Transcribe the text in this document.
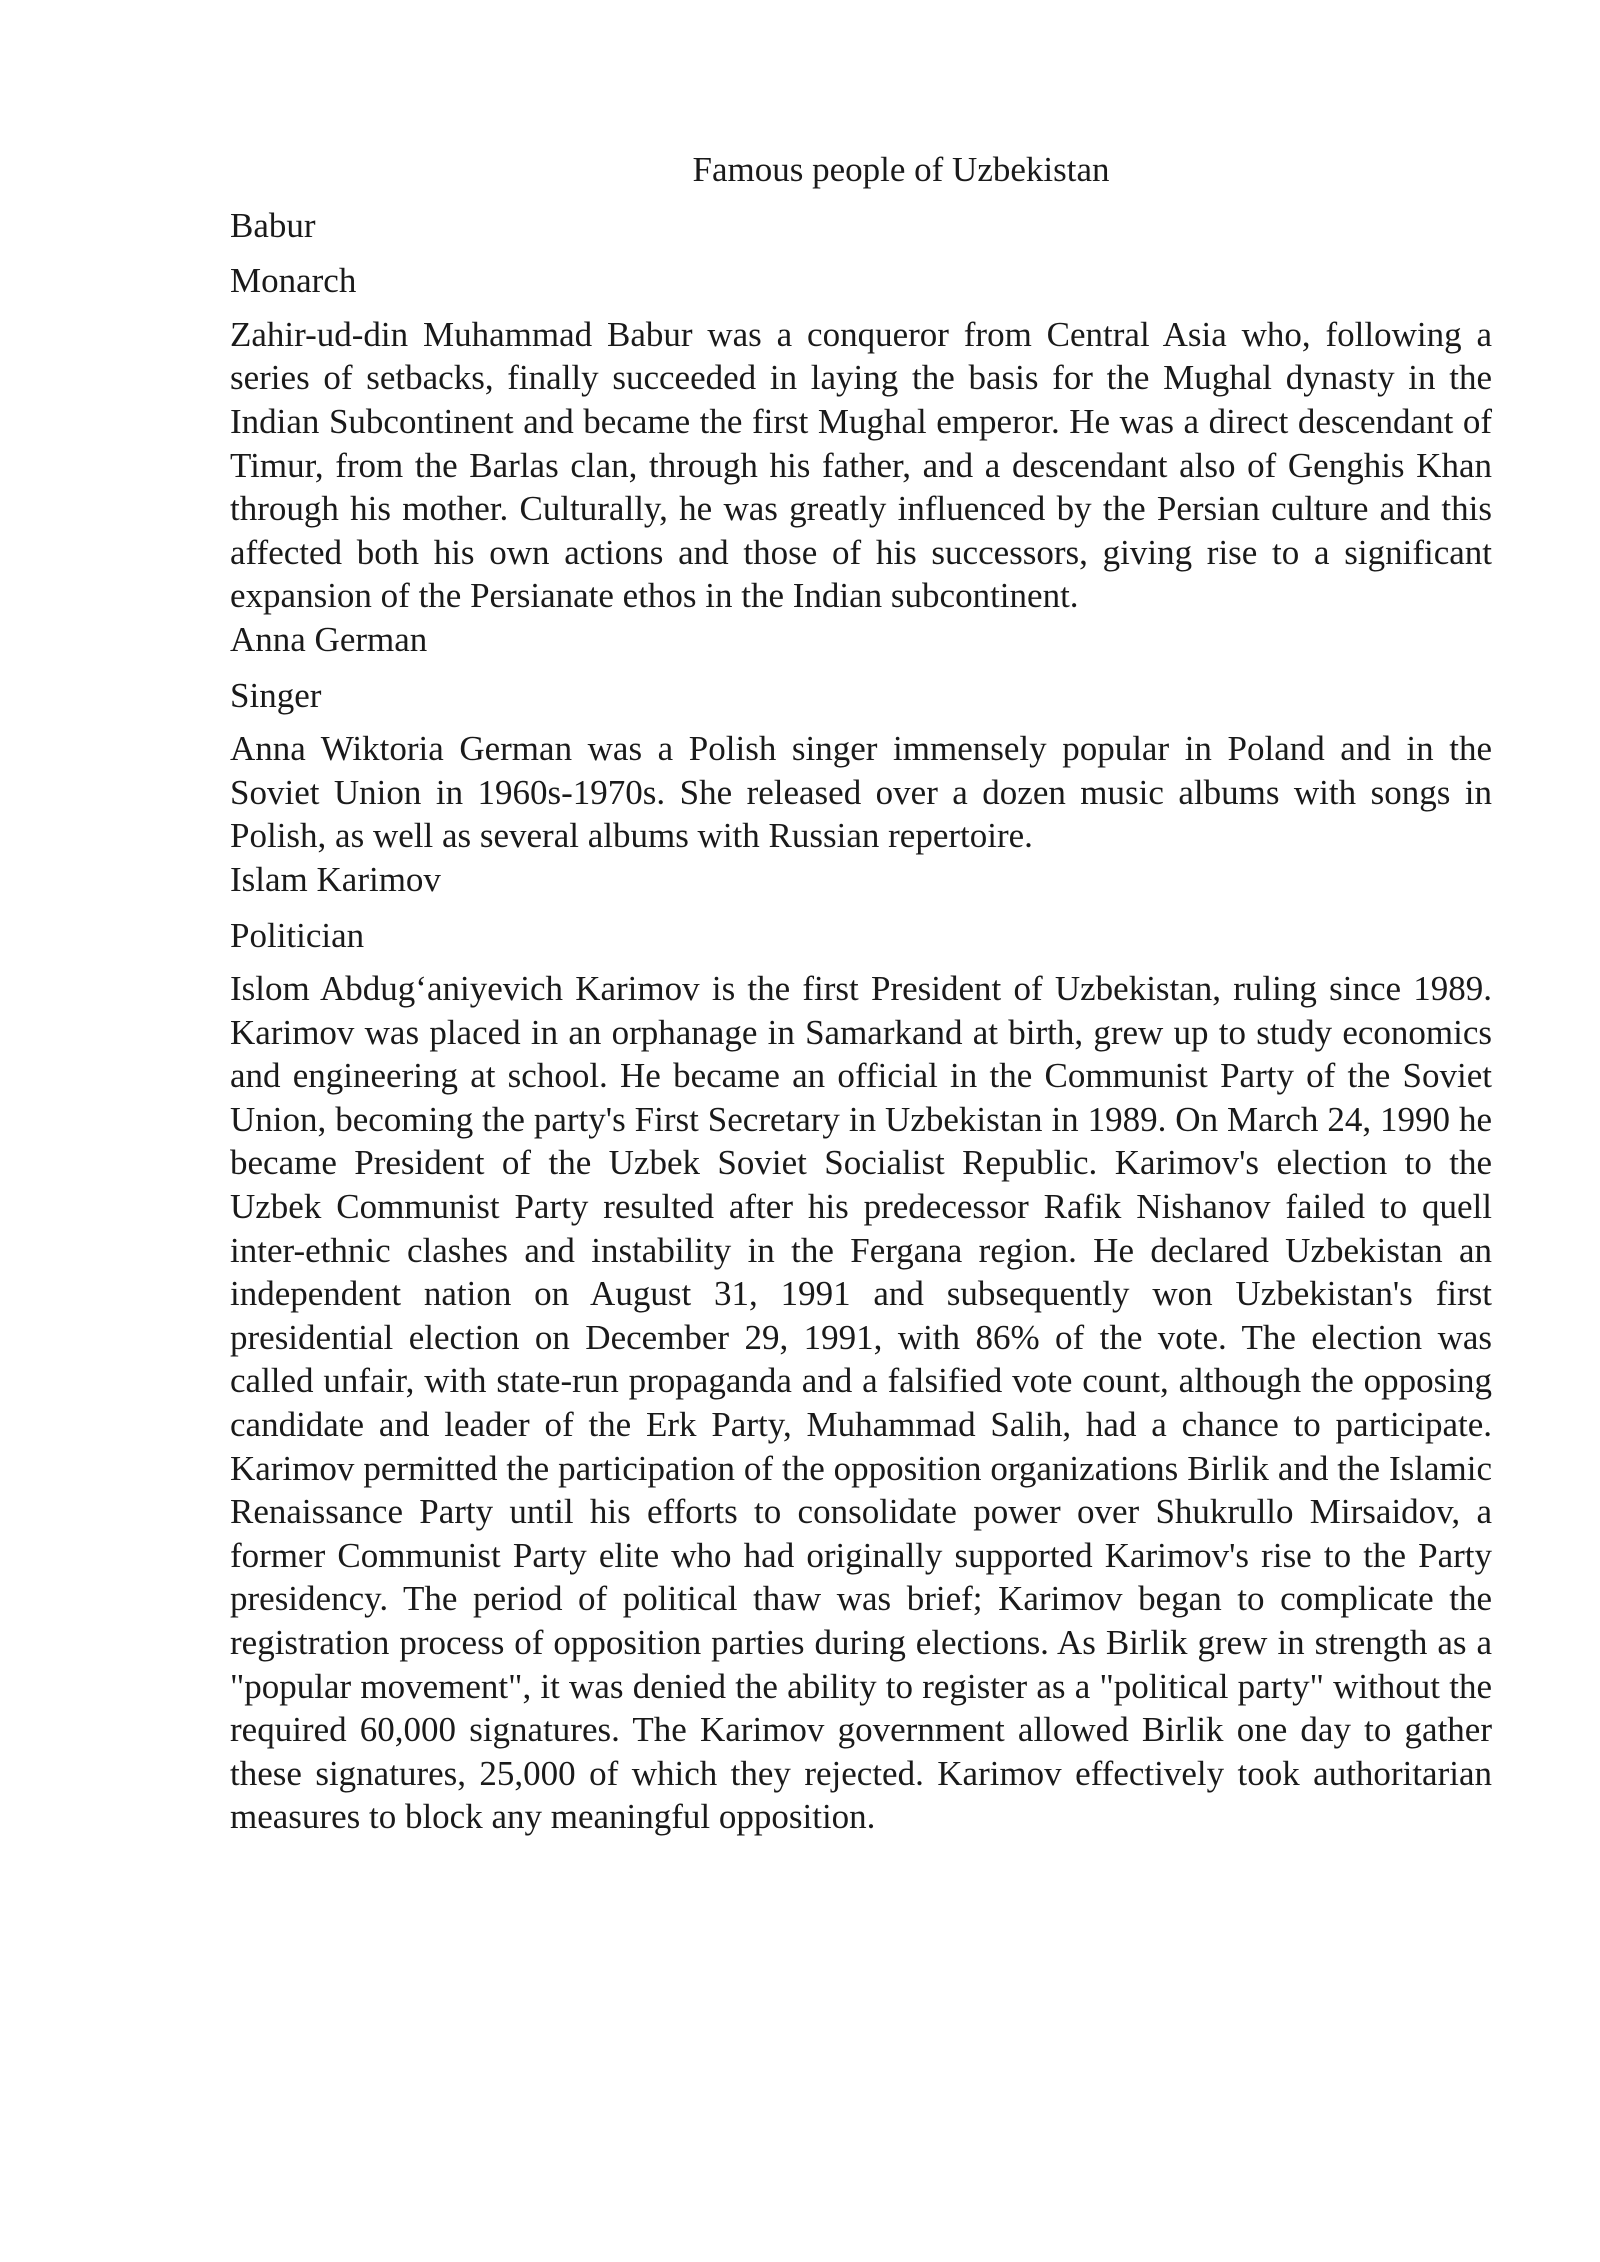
Famous people of Uzbekistan

Babur

Monarch

Zahir-ud-din Muhammad Babur was a conqueror from Central Asia who, following a series of setbacks, finally succeeded in laying the basis for the Mughal dynasty in the Indian Subcontinent and became the first Mughal emperor. He was a direct descendant of Timur, from the Barlas clan, through his father, and a descendant also of Genghis Khan through his mother. Culturally, he was greatly influenced by the Persian culture and this affected both his own actions and those of his successors, giving rise to a significant expansion of the Persianate ethos in the Indian subcontinent.

Anna German

Singer

Anna Wiktoria German was a Polish singer immensely popular in Poland and in the Soviet Union in 1960s-1970s. She released over a dozen music albums with songs in Polish, as well as several albums with Russian repertoire.

Islam Karimov

Politician

Islom Abdug‘aniyevich Karimov is the first President of Uzbekistan, ruling since 1989. Karimov was placed in an orphanage in Samarkand at birth, grew up to study economics and engineering at school. He became an official in the Communist Party of the Soviet Union, becoming the party's First Secretary in Uzbekistan in 1989. On March 24, 1990 he became President of the Uzbek Soviet Socialist Republic. Karimov's election to the Uzbek Communist Party resulted after his predecessor Rafik Nishanov failed to quell inter-ethnic clashes and instability in the Fergana region. He declared Uzbekistan an independent nation on August 31, 1991 and subsequently won Uzbekistan's first presidential election on December 29, 1991, with 86% of the vote. The election was called unfair, with state-run propaganda and a falsified vote count, although the opposing candidate and leader of the Erk Party, Muhammad Salih, had a chance to participate. Karimov permitted the participation of the opposition organizations Birlik and the Islamic Renaissance Party until his efforts to consolidate power over Shukrullo Mirsaidov, a former Communist Party elite who had originally supported Karimov's rise to the Party presidency. The period of political thaw was brief; Karimov began to complicate the registration process of opposition parties during elections. As Birlik grew in strength as a "popular movement", it was denied the ability to register as a "political party" without the required 60,000 signatures. The Karimov government allowed Birlik one day to gather these signatures, 25,000 of which they rejected. Karimov effectively took authoritarian measures to block any meaningful opposition.
